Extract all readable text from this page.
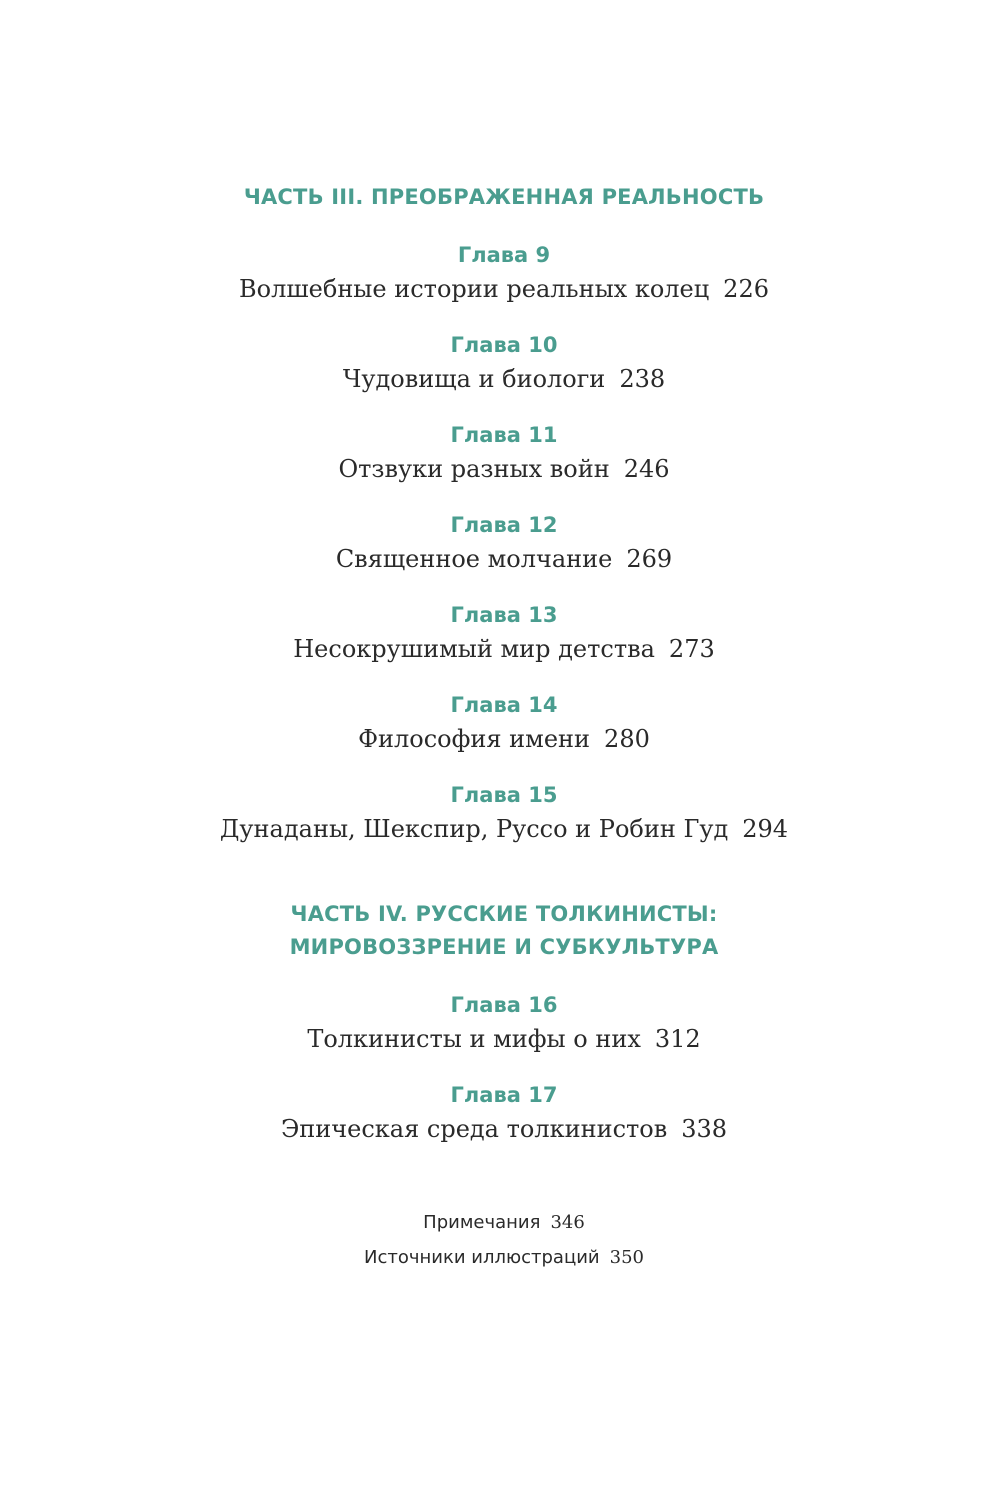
ЧАСТЬ III. ПРЕОБРАЖЕННАЯ РЕАЛЬНОСТЬ
Глава 9
Волшебные истории реальных колец 226
Глава 10
Чудовища и биологи 238
Глава 11
Отзвуки разных войн 246
Глава 12
Священное молчание 269
Глава 13
Несокрушимый мир детства 273
Глава 14
Философия имени 280
Глава 15
Дунаданы, Шекспир, Руссо и Робин Гуд 294
ЧАСТЬ IV. РУССКИЕ ТОЛКИНИСТЫ:
МИРОВОЗЗРЕНИЕ И СУБКУЛЬТУРА
Глава 16
Толкинисты и мифы о них 312
Глава 17
Эпическая среда толкинистов 338
Примечания 346
Источники иллюстраций 350
